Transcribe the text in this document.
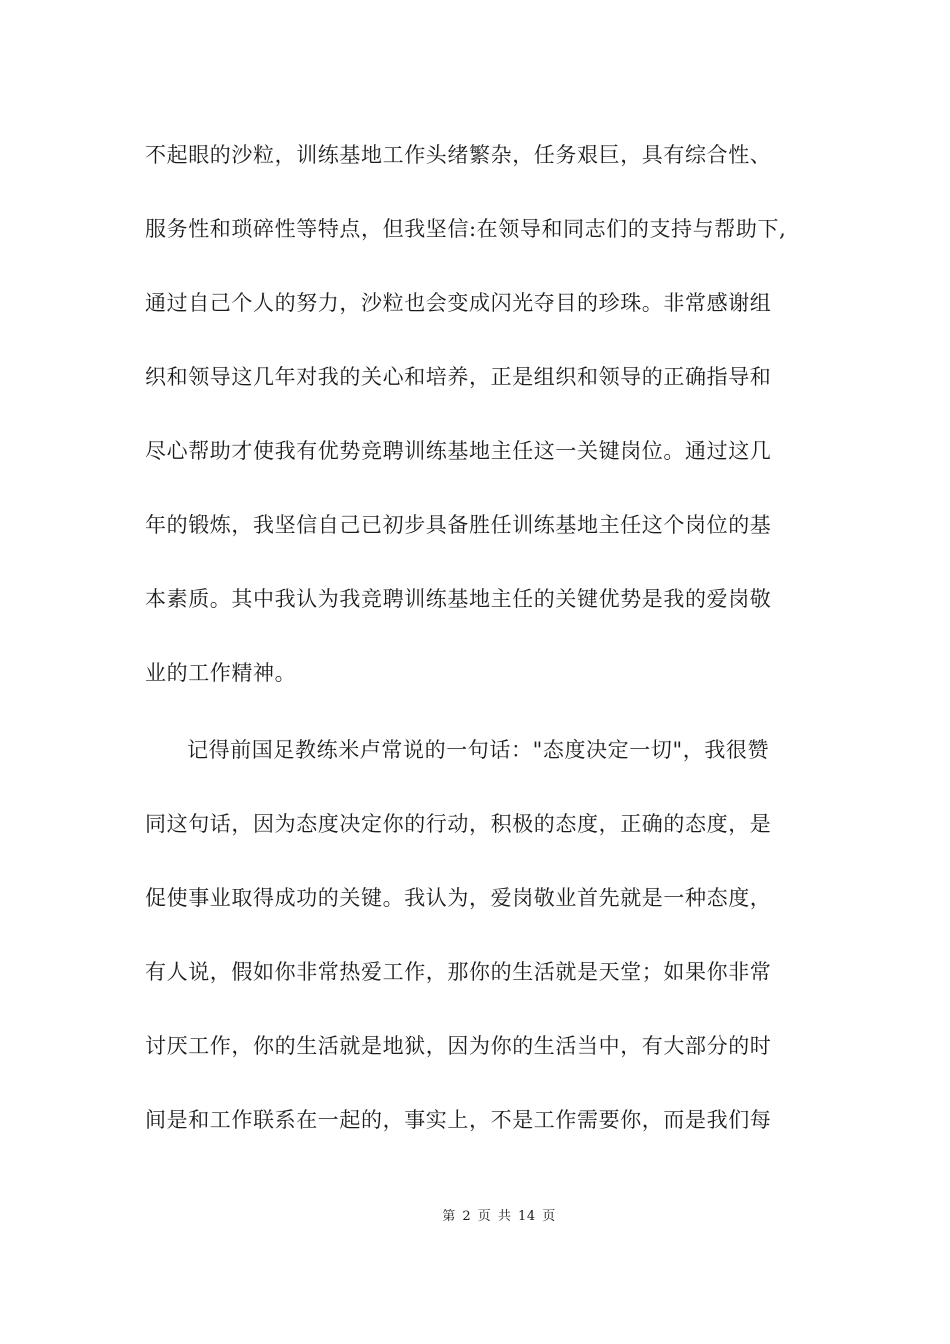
不起眼的沙粒，训练基地工作头绪繁杂，任务艰巨，具有综合性、
服务性和琐碎性等特点，但我坚信:在领导和同志们的支持与帮助下,
通过自己个人的努力，沙粒也会变成闪光夺目的珍珠。非常感谢组
织和领导这几年对我的关心和培养，正是组织和领导的正确指导和
尽心帮助才使我有优势竞聘训练基地主任这一关键岗位。通过这几
年的锻炼，我坚信自己已初步具备胜任训练基地主任这个岗位的基
本素质。其中我认为我竞聘训练基地主任的关键优势是我的爱岗敬
业的工作精神。
记得前国足教练米卢常说的一句话："态度决定一切"，我很赞
同这句话，因为态度决定你的行动，积极的态度，正确的态度，是
促使事业取得成功的关键。我认为，爱岗敬业首先就是一种态度，
有人说，假如你非常热爱工作，那你的生活就是天堂；如果你非常
讨厌工作，你的生活就是地狱，因为你的生活当中，有大部分的时
间是和工作联系在一起的，事实上，不是工作需要你，而是我们每
第 2 页 共 14 页
